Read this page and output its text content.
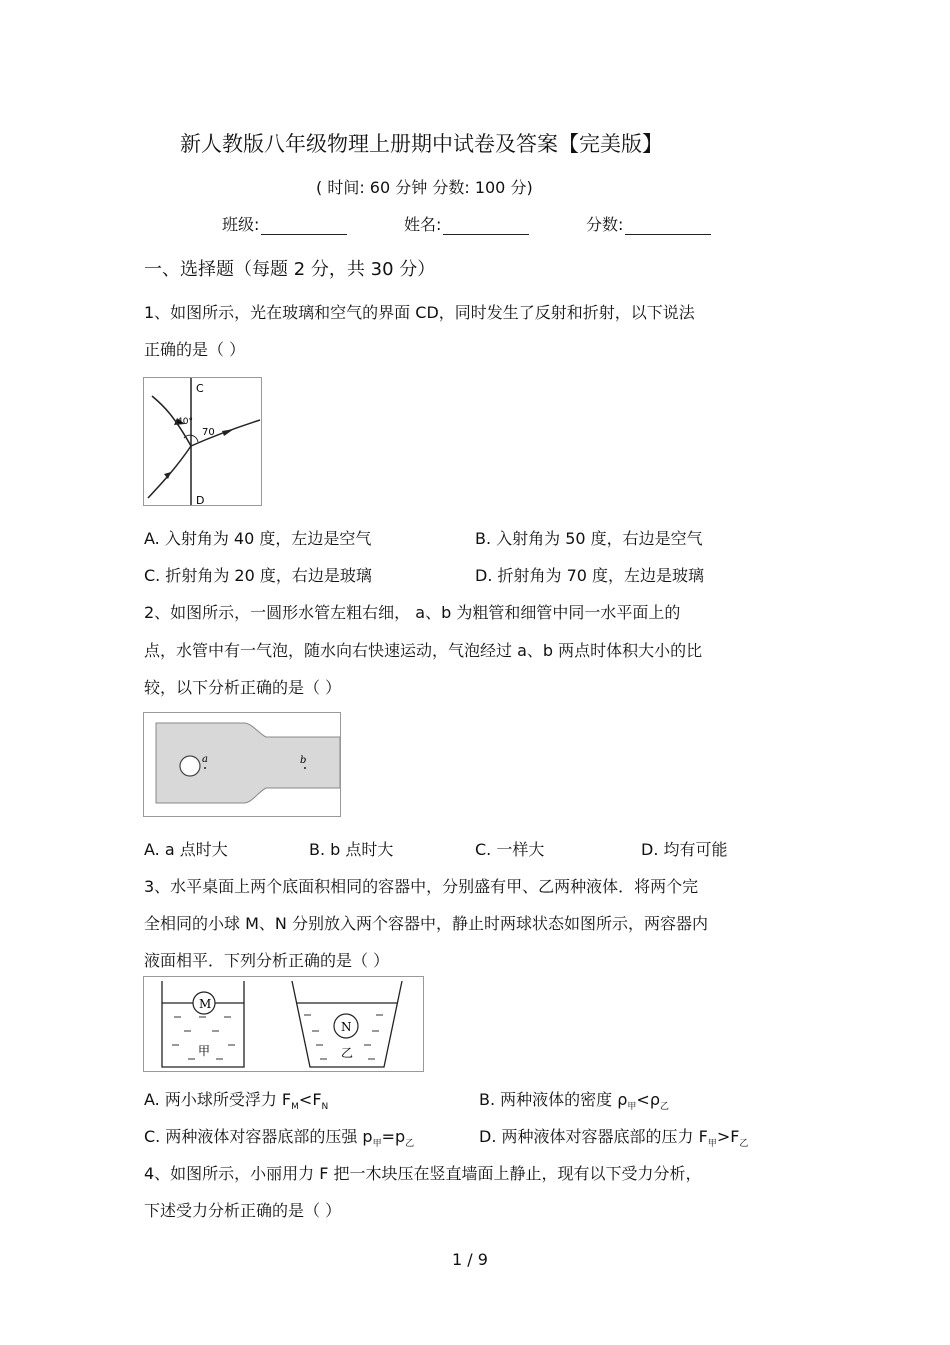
新人教版八年级物理上册期中试卷及答案【完美版】
( 时间: 60 分钟 分数: 100 分)
班级:	姓名:	分数:
一、选择题（每题 2 分，共 30 分）
1、如图所示，光在玻璃和空气的界面 CD，同时发生了反射和折射，以下说法
正确的是（ ）
C
D
40°
70
A. 入射角为 40 度，左边是空气	B. 入射角为 50 度，右边是空气
C. 折射角为 20 度，右边是玻璃	D. 折射角为 70 度，左边是玻璃
2、如图所示，一圆形水管左粗右细， a、b 为粗管和细管中同一水平面上的
点，水管中有一气泡，随水向右快速运动，气泡经过 a、b 两点时体积大小的比
较，以下分析正确的是（ ）
a	b
A. a 点时大	B. b 点时大	C. 一样大	D. 均有可能
3、水平桌面上两个底面积相同的容器中，分别盛有甲、乙两种液体．将两个完
全相同的小球 M、N 分别放入两个容器中，静止时两球状态如图所示，两容器内
液面相平．下列分析正确的是（ ）
M
甲
N
乙
A. 两小球所受浮力 $F_M<F_N$	B. 两种液体的密度 $\rho_甲<\rho_乙$
C. 两种液体对容器底部的压强 $p_甲=p_乙$	D. 两种液体对容器底部的压力 $F_甲>F_乙$
4、如图所示，小丽用力 F 把一木块压在竖直墙面上静止，现有以下受力分析，
下述受力分析正确的是（ ）
1 / 9
